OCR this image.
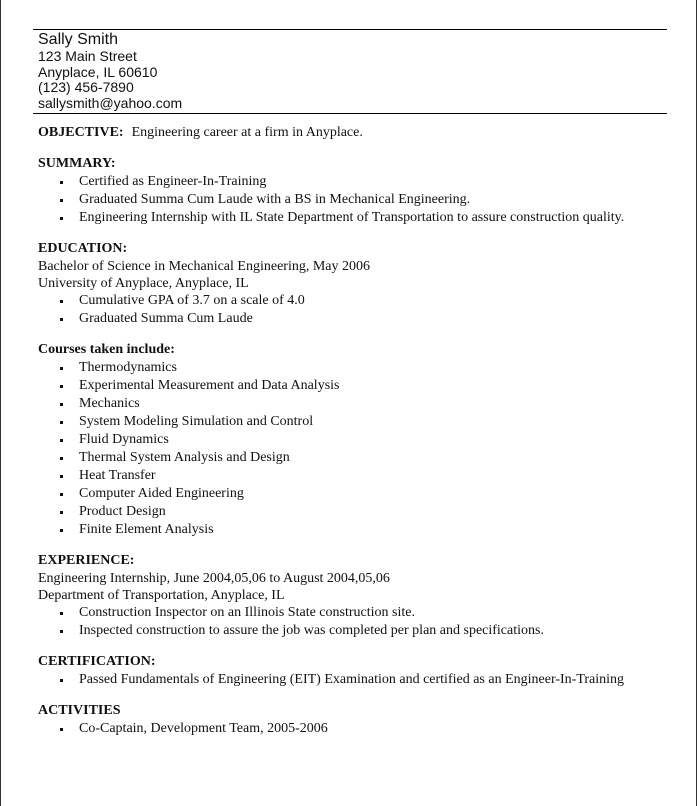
Sally Smith
123 Main Street
Anyplace, IL 60610
(123) 456-7890
sallysmith@yahoo.com
OBJECTIVE: Engineering career at a firm in Anyplace.
SUMMARY:
Certified as Engineer-In-Training
Graduated Summa Cum Laude with a BS in Mechanical Engineering.
Engineering Internship with IL State Department of Transportation to assure construction quality.
EDUCATION:
Bachelor of Science in Mechanical Engineering, May 2006
University of Anyplace, Anyplace, IL
Cumulative GPA of 3.7 on a scale of 4.0
Graduated Summa Cum Laude
Courses taken include:
Thermodynamics
Experimental Measurement and Data Analysis
Mechanics
System Modeling Simulation and Control
Fluid Dynamics
Thermal System Analysis and Design
Heat Transfer
Computer Aided Engineering
Product Design
Finite Element Analysis
EXPERIENCE:
Engineering Internship, June 2004,05,06 to August 2004,05,06
Department of Transportation, Anyplace, IL
Construction Inspector on an Illinois State construction site.
Inspected construction to assure the job was completed per plan and specifications.
CERTIFICATION:
Passed Fundamentals of Engineering (EIT) Examination and certified as an Engineer-In-Training
ACTIVITIES
Co-Captain, Development Team, 2005-2006
